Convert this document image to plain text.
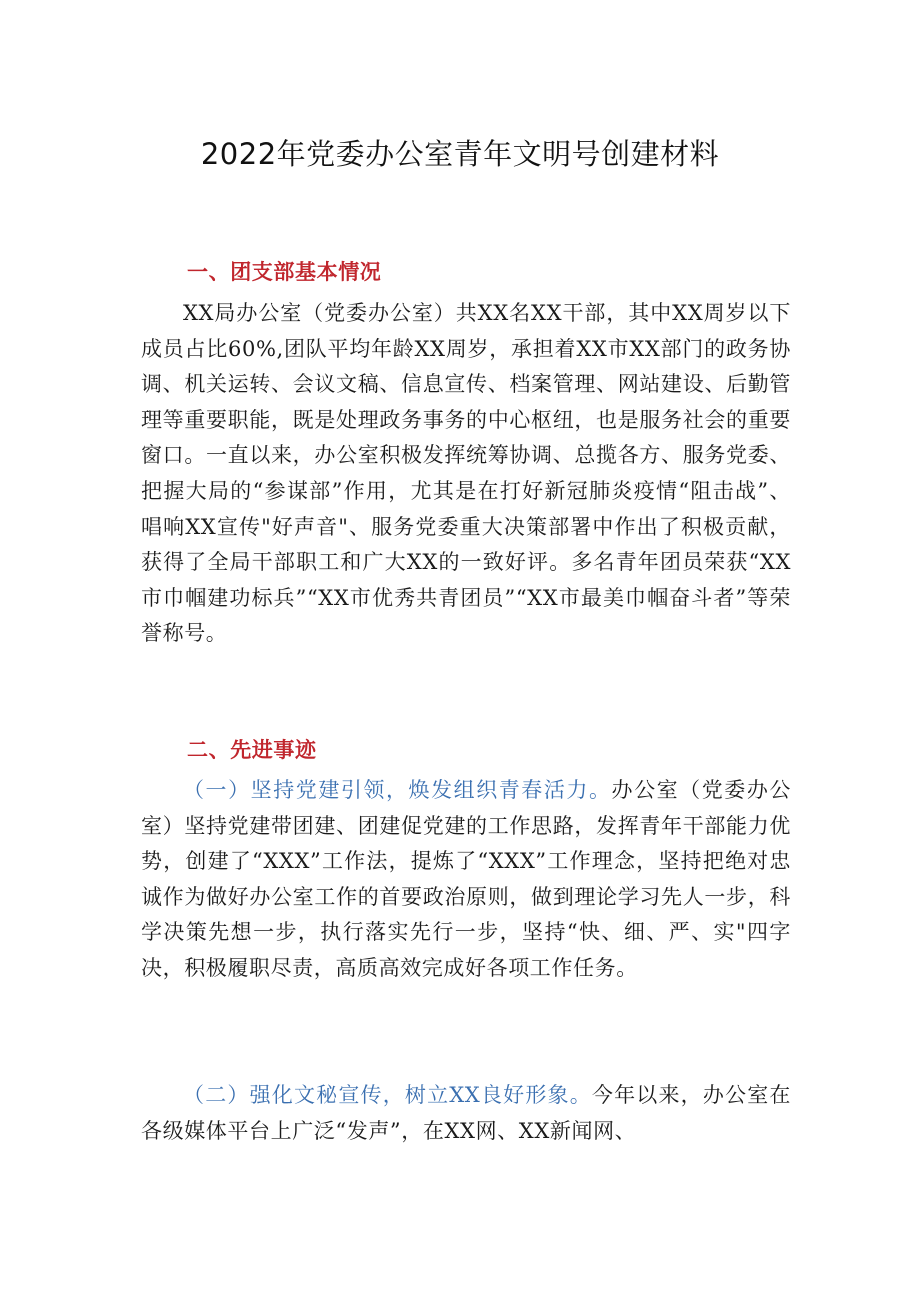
2022年党委办公室青年文明号创建材料
一、团支部基本情况

XX局办公室（党委办公室）共XX名XX干部，其中XX周岁以下成员占比60%,团队平均年龄XX周岁，承担着XX市XX部门的政务协调、机关运转、会议文稿、信息宣传、档案管理、网站建设、后勤管理等重要职能，既是处理政务事务的中心枢纽，也是服务社会的重要窗口。一直以来，办公室积极发挥统筹协调、总揽各方、服务党委、把握大局的“参谋部”作用，尤其是在打好新冠肺炎疫情“阻击战”、唱响XX宣传"好声音"、服务党委重大决策部署中作出了积极贡献，获得了全局干部职工和广大XX的一致好评。多名青年团员荣获“XX市巾帼建功标兵”“XX市优秀共青团员”“XX市最美巾帼奋斗者”等荣誉称号。

二、先进事迹

（一）坚持党建引领，焕发组织青春活力。办公室（党委办公室）坚持党建带团建、团建促党建的工作思路，发挥青年干部能力优势，创建了“XXX”工作法，提炼了“XXX”工作理念，坚持把绝对忠诚作为做好办公室工作的首要政治原则，做到理论学习先人一步，科学决策先想一步，执行落实先行一步，坚持“快、细、严、实"四字决，积极履职尽责，高质高效完成好各项工作任务。

（二）强化文秘宣传，树立XX良好形象。今年以来，办公室在各级媒体平台上广泛“发声”，在XX网、XX新闻网、
